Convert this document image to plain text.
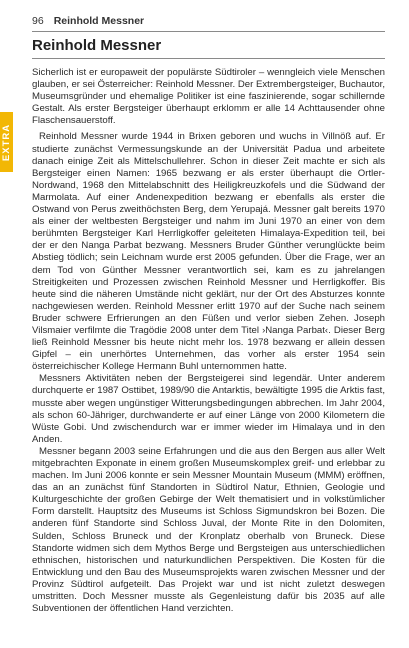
96 Reinhold Messner
Reinhold Messner
EXTRA

Sicherlich ist er europaweit der populärste Südtiroler – wenngleich viele Menschen glauben, er sei Österreicher: Reinhold Messner. Der Extrembergsteiger, Buchautor, Museumsgründer und ehemalige Politiker ist eine faszinierende, sogar schillernde Gestalt. Als erster Bergsteiger überhaupt erklomm er alle 14 Achttausender ohne Flaschensauerstoff.

Reinhold Messner wurde 1944 in Brixen geboren und wuchs in Villnöß auf. Er studierte zunächst Vermessungskunde an der Universität Padua und arbeitete danach einige Zeit als Mittelschullehrer. Schon in dieser Zeit machte er sich als Bergsteiger einen Namen: 1965 bezwang er als erster überhaupt die Ortler-Nordwand, 1968 den Mittelabschnitt des Heiligkreuzkofels und die Südwand der Marmolata. Auf einer Andenexpedition bezwang er ebenfalls als erster die Ostwand von Perus zweithöchsten Berg, dem Yerupajá. Messner galt bereits 1970 als einer der weltbesten Bergsteiger und nahm im Juni 1970 an einer von dem berühmten Bergsteiger Karl Herrligkoffer geleiteten Himalaya-Expedition teil, bei der er den Nanga Parbat bezwang. Messners Bruder Günther verunglückte beim Abstieg tödlich; sein Leichnam wurde erst 2005 gefunden. Über die Frage, wer an dem Tod von Günther Messner verantwortlich sei, kam es zu jahrelangen Streitigkeiten und Prozessen zwischen Reinhold Messner und Herrligkoffer. Bis heute sind die näheren Umstände nicht geklärt, nur der Ort des Absturzes konnte nachgewiesen werden. Reinhold Messner erlitt 1970 auf der Suche nach seinem Bruder schwere Erfrierungen an den Füßen und verlor sieben Zehen. Joseph Vilsmaier verfilmte die Tragödie 2008 unter dem Titel ›Nanga Parbat‹. Dieser Berg ließ Reinhold Messner bis heute nicht mehr los. 1978 bezwang er allein dessen Gipfel – ein unerhörtes Unternehmen, das vorher als erster 1954 sein österreichischer Kollege Hermann Buhl unternommen hatte.

Messners Aktivitäten neben der Bergsteigerei sind legendär. Unter anderem durchquerte er 1987 Osttibet, 1989/90 die Antarktis, bewältigte 1995 die Arktis fast, musste aber wegen ungünstiger Witterungsbedingungen abbrechen. Im Jahr 2004, als schon 60-Jähriger, durchwanderte er auf einer Länge von 2000 Kilometern die Wüste Gobi. Und zwischendurch war er immer wieder im Himalaya und in den Anden.

Messner begann 2003 seine Erfahrungen und die aus den Bergen aus aller Welt mitgebrachten Exponate in einem großen Museumskomplex greif- und erlebbar zu machen. Im Juni 2006 konnte er sein Messner Mountain Museum (MMM) eröffnen, das an an zunächst fünf Standorten in Südtirol Natur, Ethnien, Geologie und Kulturgeschichte der großen Gebirge der Welt thematisiert und in volkstümlicher Form darstellt. Hauptsitz des Museums ist Schloss Sigmundskron bei Bozen. Die anderen fünf Standorte sind Schloss Juval, der Monte Rite in den Dolomiten, Sulden, Schloss Bruneck und der Kronplatz oberhalb von Bruneck. Diese Standorte widmen sich dem Mythos Berge und Bergsteigen aus unterschiedlichen ethnischen, historischen und naturkundlichen Perspektiven. Die Kosten für die Entwicklung und den Bau des Museumsprojekts waren zwischen Messner und der Provinz Südtirol aufgeteilt. Das Projekt war und ist nicht zuletzt deswegen umstritten. Doch Messner musste als Gegenleistung dafür bis 2035 auf alle Subventionen der öffentlichen Hand verzichten.
